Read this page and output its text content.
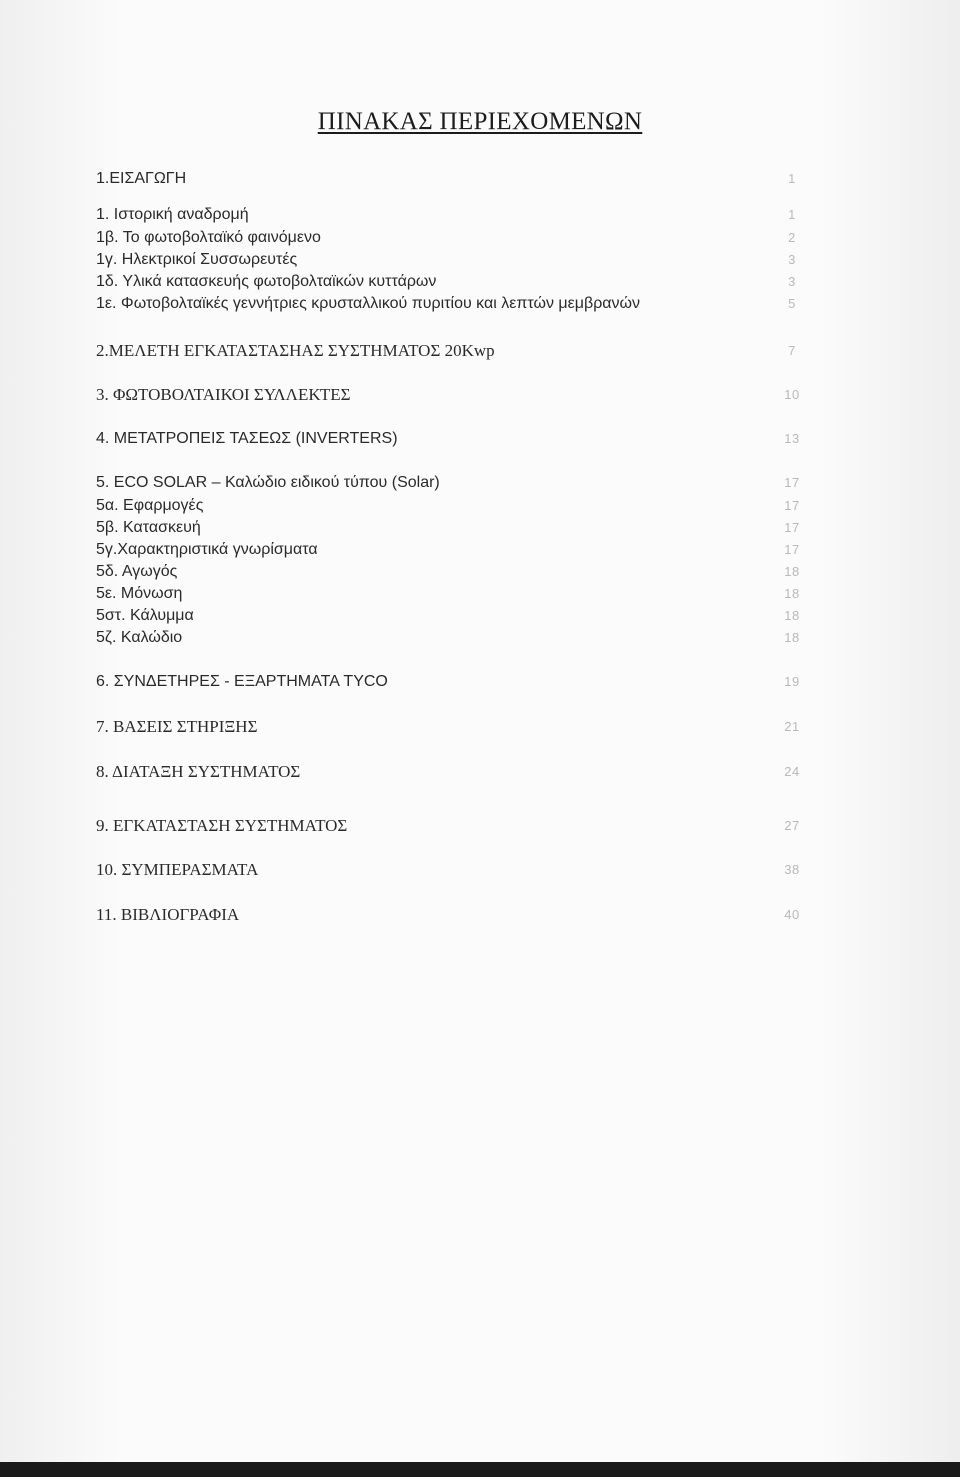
ΠΙΝΑΚΑΣ ΠΕΡΙΕΧΟΜΕΝΩΝ
1.ΕΙΣΑΓΩΓΗ	1
1. Ιστορική αναδρομή	1
1β. Το φωτοβολταϊκό φαινόμενο	2
1γ. Ηλεκτρικοί Συσσωρευτές	3
1δ. Υλικά κατασκευής φωτοβολταϊκών κυττάρων	3
1ε. Φωτοβολταϊκές γεννήτριες κρυσταλλικού πυριτίου και λεπτών μεμβρανών	5
2.ΜΕΛΕΤΗ ΕΓΚΑΤΑΣΤΑΣΗΑΣ ΣΥΣΤΗΜΑΤΟΣ 20Kwp	7
3. ΦΩΤΟΒΟΛΤΑΙΚΟΙ ΣΥΛΛΕΚΤΕΣ	10
4. ΜΕΤΑΤΡΟΠΕΙΣ ΤΑΣΕΩΣ (INVERTERS)	13
5. ECO SOLAR – Καλώδιο ειδικού τύπου (Solar)	17
5α. Εφαρμογές	17
5β. Κατασκευή	17
5γ.Χαρακτηριστικά γνωρίσματα	17
5δ. Αγωγός	18
5ε. Μόνωση	18
5στ. Κάλυμμα	18
5ζ. Καλώδιο	18
6. ΣΥΝΔΕΤΗΡΕΣ - ΕΞΑΡΤΗΜΑΤΑ TYCO	19
7. ΒΑΣΕΙΣ ΣΤΗΡΙΞΗΣ	21
8. ΔΙΑΤΑΞΗ ΣΥΣΤΗΜΑΤΟΣ	24
9. ΕΓΚΑΤΑΣΤΑΣΗ ΣΥΣΤΗΜΑΤΟΣ	27
10. ΣΥΜΠΕΡΑΣΜΑΤΑ	38
11. ΒΙΒΛΙΟΓΡΑΦΙΑ	40
